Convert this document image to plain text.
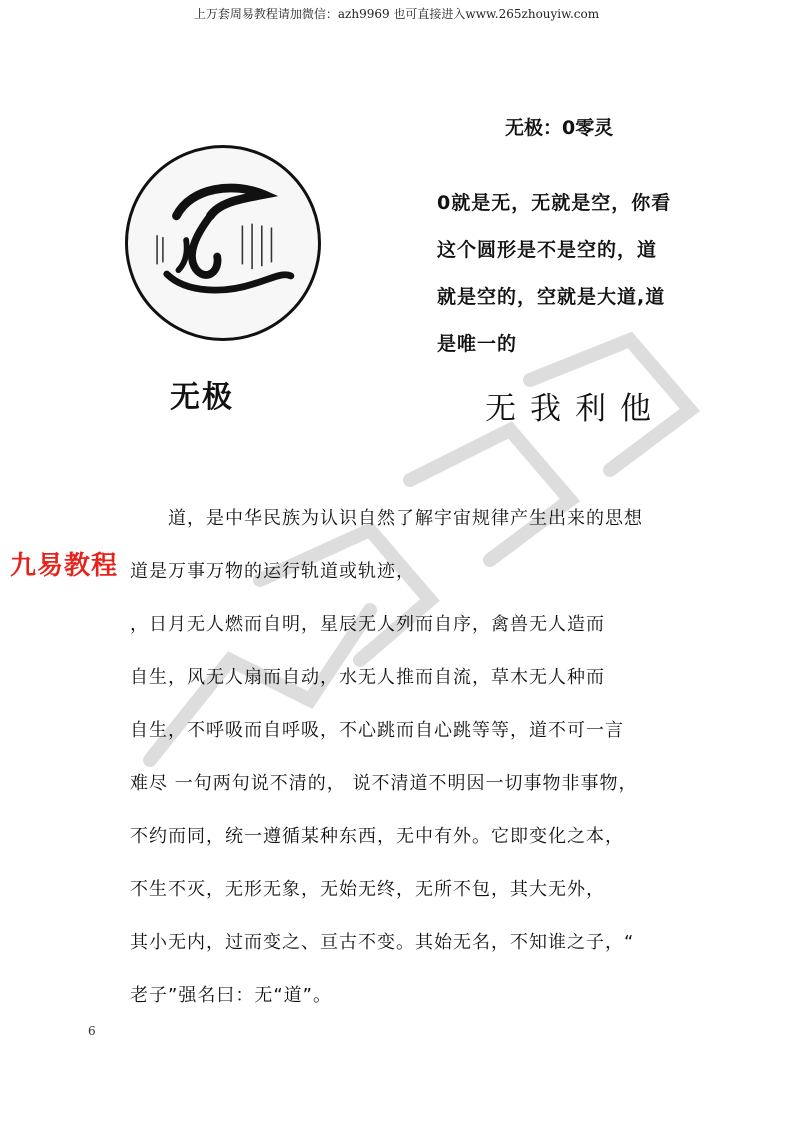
上万套周易教程请加微信：azh9969 也可直接进入www.265zhouyiw.com
无极
无极：0零灵
0就是无，无就是空，你看
这个圆形是不是空的，道
就是空的，空就是大道,道
是唯一的
无我利他
道，是中华民族为认识自然了解宇宙规律产生出来的思想
道是万事万物的运行轨道或轨迹，
，日月无人燃而自明，星辰无人列而自序，禽兽无人造而
自生，风无人扇而自动，水无人推而自流，草木无人种而
自生，不呼吸而自呼吸，不心跳而自心跳等等，道不可一言
难尽 一句两句说不清的， 说不清道不明因一切事物非事物，
不约而同，统一遵循某种东西，无中有外。它即变化之本，
不生不灭，无形无象，无始无终，无所不包，其大无外，
其小无内，过而变之、亘古不变。其始无名，不知谁之子，“
老子”强名曰：无“道”。
九易教程
6
